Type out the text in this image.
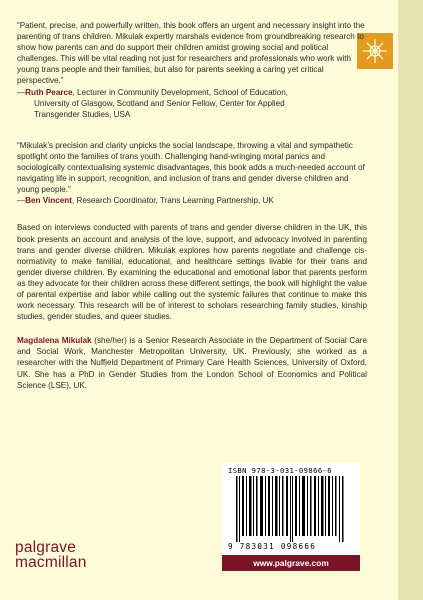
“Patient, precise, and powerfully written, this book offers an urgent and necessary insight into the parenting of trans children. Mikulak expertly marshals evidence from groundbreaking research to show how parents can and do support their children amidst growing social and political challenges. This will be vital reading not just for researchers and professionals who work with young trans people and their families, but also for parents seeking a caring yet critical perspective.”

—Ruth Pearce, Lecturer in Community Development, School of Education,
University of Glasgow, Scotland and Senior Fellow, Center for Applied
Transgender Studies, USA

“Mikulak’s precision and clarity unpicks the social landscape, throwing a vital and sympathetic spotlight onto the families of trans youth. Challenging hand-wringing moral panics and sociologically contextualising systemic disadvantages, this book adds a much-needed account of navigating life in support, recognition, and inclusion of trans and gender diverse children and young people.”

—Ben Vincent, Research Coordinator, Trans Learning Partnership, UK

Based on interviews conducted with parents of trans and gender diverse children in the UK, this book presents an account and analysis of the love, support, and advocacy involved in parenting trans and gender diverse children. Mikulak explores how parents negotiate and challenge cis-normativity to make familial, educational, and healthcare settings livable for their trans and gender diverse children. By examining the educational and emotional labor that parents perform as they advocate for their children across these different settings, the book will highlight the value of parental expertise and labor while calling out the systemic failures that continue to make this work necessary. This research will be of interest to scholars researching family studies, kinship studies, gender studies, and queer studies.

Magdalena Mikulak (she/her) is a Senior Research Associate in the Department of Social Care and Social Work, Manchester Metropolitan University, UK. Previously, she worked as a researcher with the Nuffield Department of Primary Care Health Sciences, University of Oxford, UK. She has a PhD in Gender Studies from the London School of Economics and Political Science (LSE), UK.

ISBN 978-3-031-09866-6
9 783031 098666
www.palgrave.com
palgrave
macmillan
